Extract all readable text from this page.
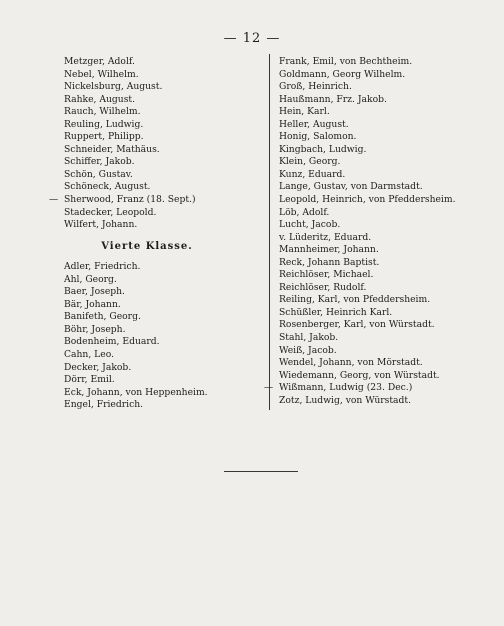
— 12 —
Metzger, Adolf.
Nebel, Wilhelm.
Nickelsburg, August.
Rahke, August.
Rauch, Wilhelm.
Reuling, Ludwig.
Ruppert, Philipp.
Schneider, Mathäus.
Schiffer, Jakob.
Schön, Gustav.
Schöneck, August.
— Sherwood, Franz (18. Sept.)
Stadecker, Leopold.
Wilfert, Johann.
Vierte Klasse.
Adler, Friedrich.
Ahl, Georg.
Baer, Joseph.
Bär, Johann.
Banifeth, Georg.
Böhr, Joseph.
Bodenheim, Eduard.
Cahn, Leo.
Decker, Jakob.
Dörr, Emil.
Eck, Johann, von Heppenheim.
Engel, Friedrich.
Frank, Emil, von Bechtheim.
Goldmann, Georg Wilhelm.
Groß, Heinrich.
Haußmann, Frz. Jakob.
Hein, Karl.
Heller, August.
Honig, Salomon.
Kingbach, Ludwig.
Klein, Georg.
Kunz, Eduard.
Lange, Gustav, von Darmstadt.
Leopold, Heinrich, von Pfeddersheim.
Löb, Adolf.
Lucht, Jacob.
v. Lüderitz, Eduard.
Mannheimer, Johann.
Reck, Johann Baptist.
Reichlöser, Michael.
Reichlöser, Rudolf.
Reiling, Karl, von Pfeddersheim.
Schüßler, Heinrich Karl.
Rosenberger, Karl, von Würstadt.
Stahl, Jakob.
Weiß, Jacob.
Wendel, Johann, von Mörstadt.
Wiedemann, Georg, von Würstadt.
— Wißmann, Ludwig (23. Dec.)
Zotz, Ludwig, von Würstadt.
